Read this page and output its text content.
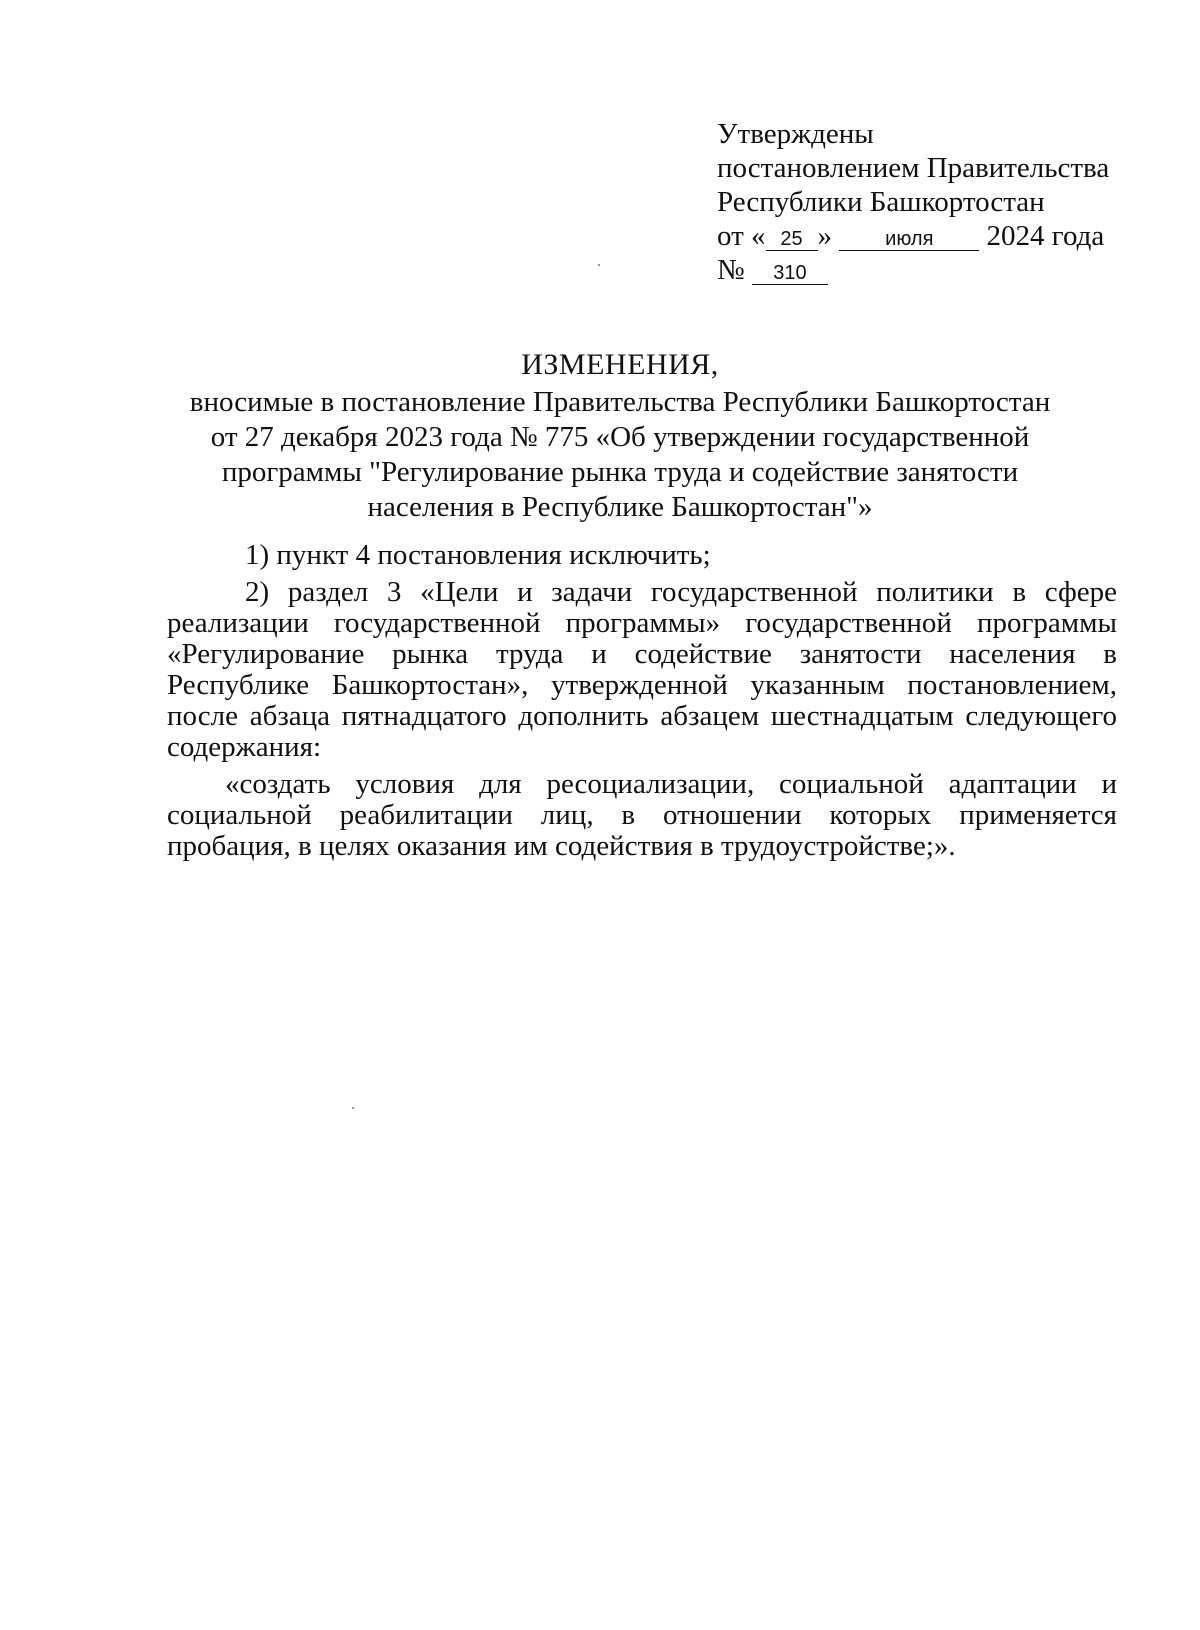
Утверждены
постановлением Правительства
Республики Башкортостан
от « 25 »	июля 2024 года
№ 310
ИЗМЕНЕНИЯ,
вносимые в постановление Правительства Республики Башкортостан
от 27 декабря 2023 года № 775 «Об утверждении государственной
программы "Регулирование рынка труда и содействие занятости
населения в Республике Башкортостан"»

1) пункт 4 постановления исключить;

2) раздел 3 «Цели и задачи государственной политики в сфере реализации государственной программы» государственной программы «Регулирование рынка труда и содействие занятости населения в Республике Башкортостан», утвержденной указанным постановлением, после абзаца пятнадцатого дополнить абзацем шестнадцатым следующего содержания:

«создать условия для ресоциализации, социальной адаптации и социальной реабилитации лиц, в отношении которых применяется пробация, в целях оказания им содействия в трудоустройстве;».
